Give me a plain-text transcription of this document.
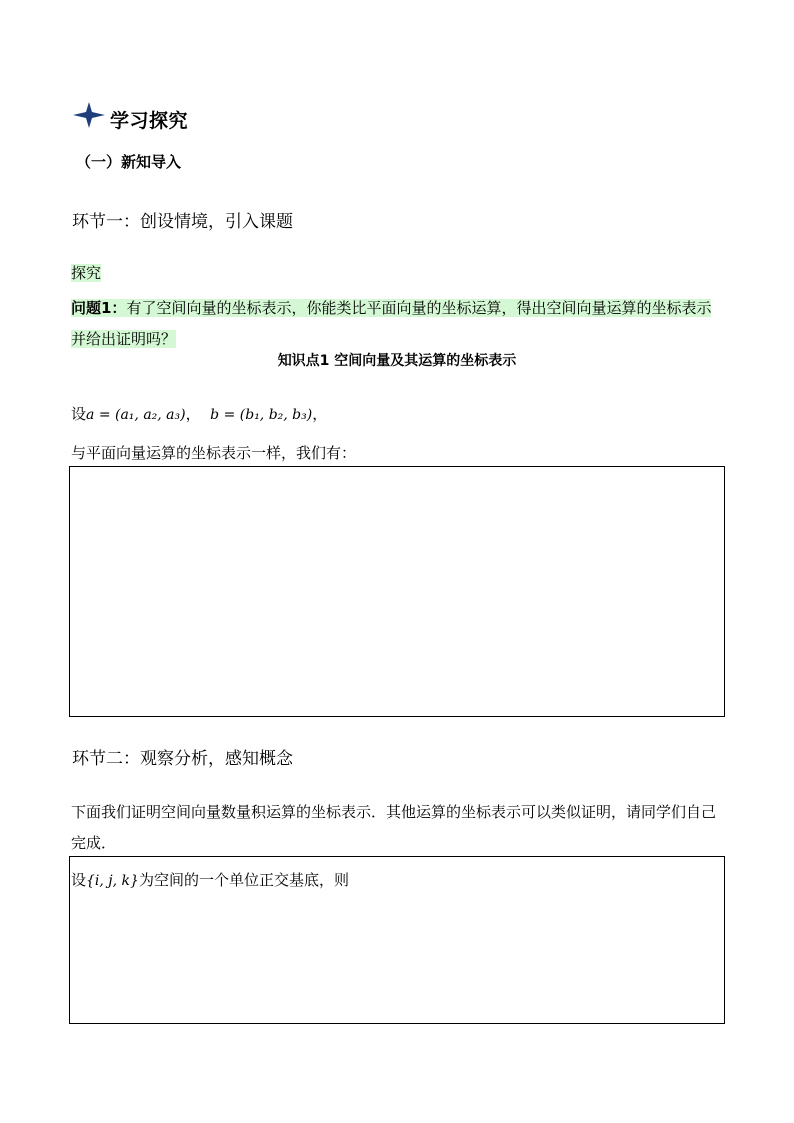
学习探究
（一）新知导入
环节一：创设情境，引入课题
探究
问题1：有了空间向量的坐标表示，你能类比平面向量的坐标运算，得出空间向量运算的坐标表示并给出证明吗？
知识点1 空间向量及其运算的坐标表示
设a = (a₁, a₂, a₃)， b = (b₁, b₂, b₃)，
与平面向量运算的坐标表示一样，我们有：
环节二：观察分析，感知概念
下面我们证明空间向量数量积运算的坐标表示．其他运算的坐标表示可以类似证明，请同学们自己完成．
设{i, j, k}为空间的一个单位正交基底，则
